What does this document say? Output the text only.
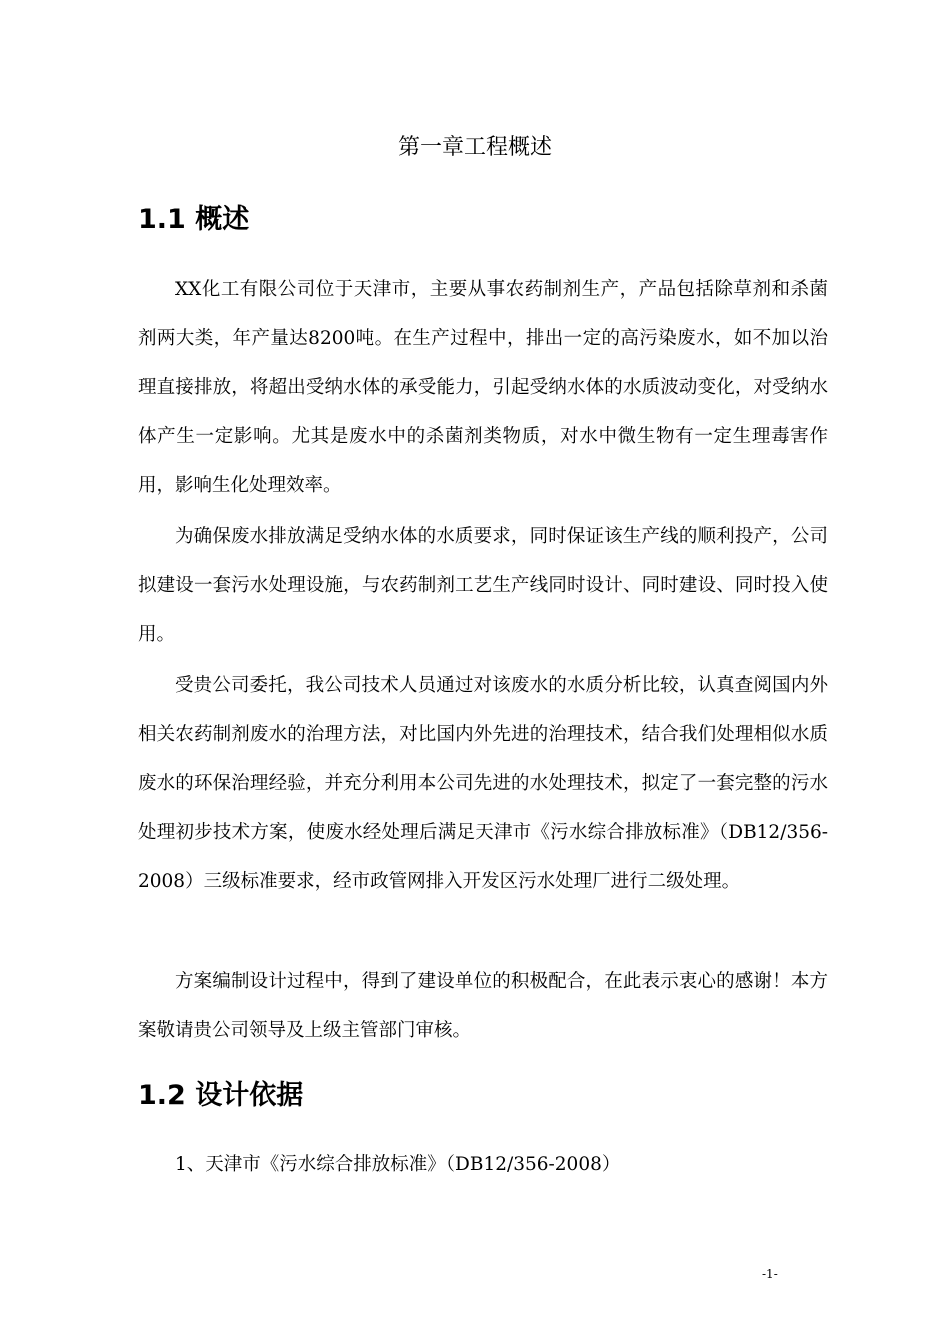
第一章工程概述
1.1 概述

XX化工有限公司位于天津市，主要从事农药制剂生产，产品包括除草剂和杀菌剂两大类，年产量达8200吨。在生产过程中，排出一定的高污染废水，如不加以治理直接排放，将超出受纳水体的承受能力，引起受纳水体的水质波动变化，对受纳水体产生一定影响。尤其是废水中的杀菌剂类物质，对水中微生物有一定生理毒害作用，影响生化处理效率。

为确保废水排放满足受纳水体的水质要求，同时保证该生产线的顺利投产，公司拟建设一套污水处理设施，与农药制剂工艺生产线同时设计、同时建设、同时投入使用。

受贵公司委托，我公司技术人员通过对该废水的水质分析比较，认真查阅国内外相关农药制剂废水的治理方法，对比国内外先进的治理技术，结合我们处理相似水质废水的环保治理经验，并充分利用本公司先进的水处理技术，拟定了一套完整的污水处理初步技术方案，使废水经处理后满足天津市《污水综合排放标准》（DB12/356-2008）三级标准要求，经市政管网排入开发区污水处理厂进行二级处理。

方案编制设计过程中，得到了建设单位的积极配合，在此表示衷心的感谢！本方案敬请贵公司领导及上级主管部门审核。

1.2 设计依据

1、天津市《污水综合排放标准》（DB12/356-2008）

-1-
